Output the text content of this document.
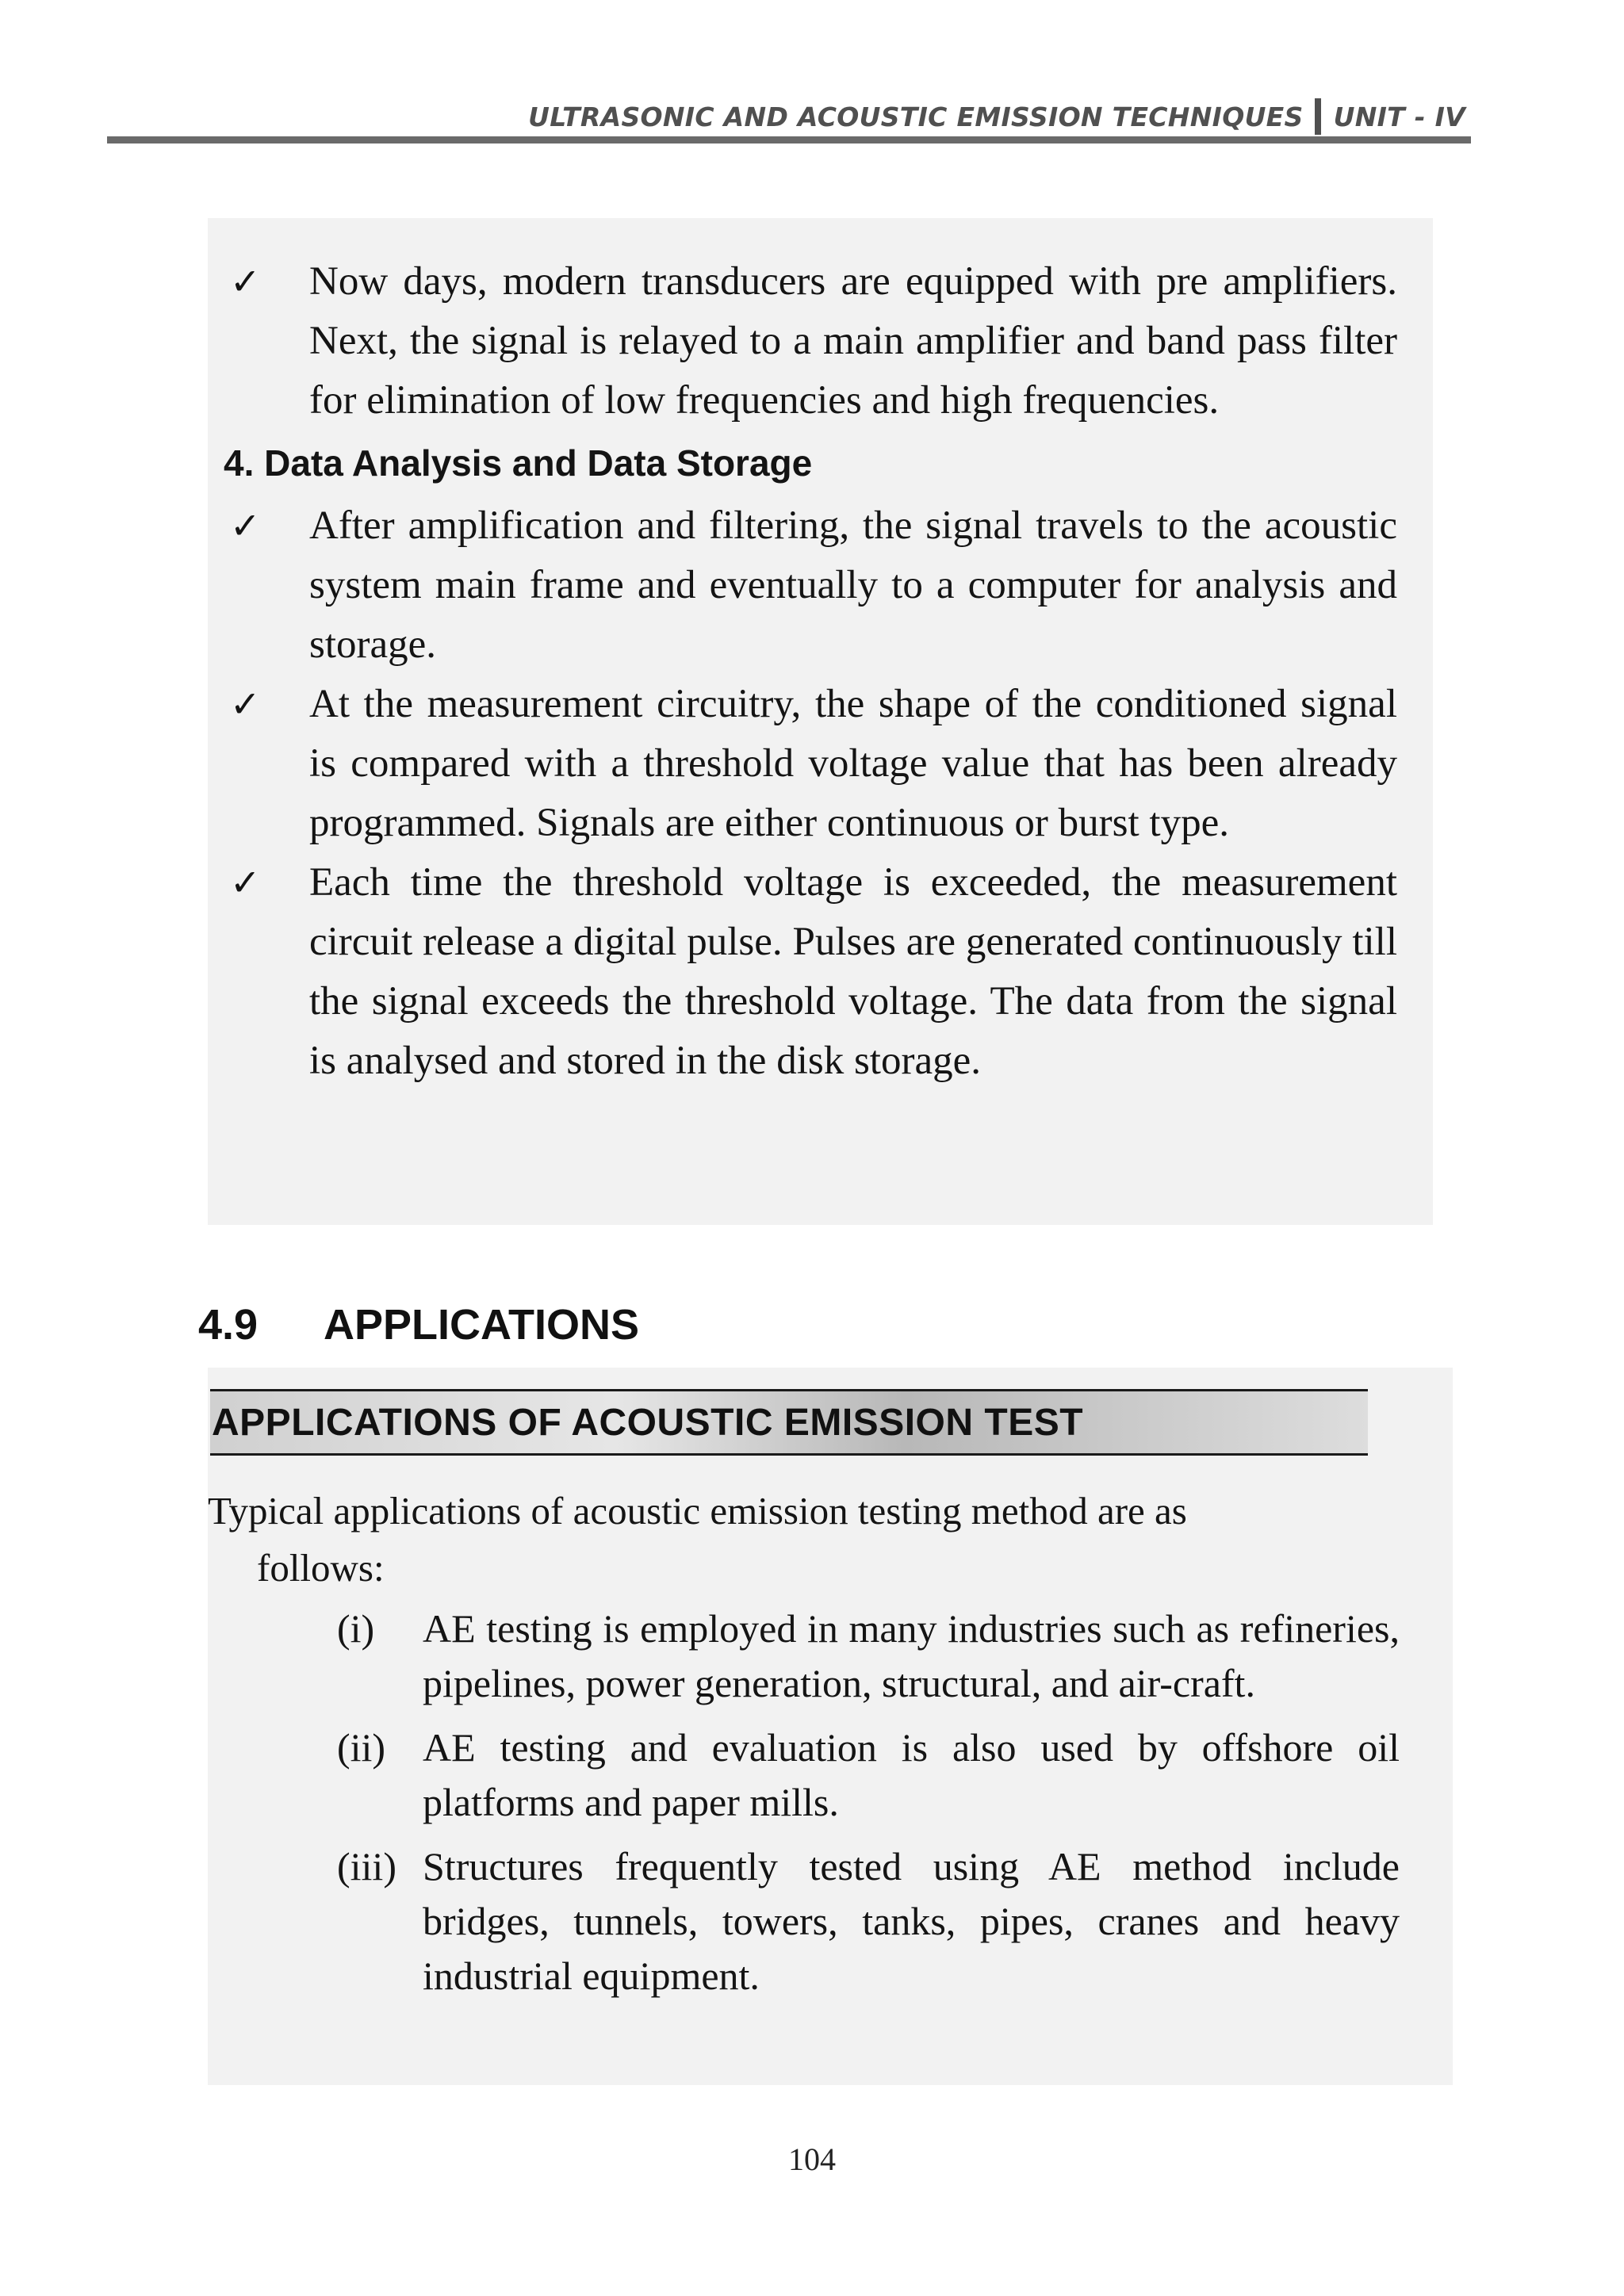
ULTRASONIC AND ACOUSTIC EMISSION TECHNIQUES UNIT - IV
✓ Now days, modern transducers are equipped with pre amplifiers. Next, the signal is relayed to a main amplifier and band pass filter for elimination of low frequencies and high frequencies.
4. Data Analysis and Data Storage
✓ After amplification and filtering, the signal travels to the acoustic system main frame and eventually to a computer for analysis and storage.
✓ At the measurement circuitry, the shape of the conditioned signal is compared with a threshold voltage value that has been already programmed. Signals are either continuous or burst type.
✓ Each time the threshold voltage is exceeded, the measurement circuit release a digital pulse. Pulses are generated continuously till the signal exceeds the threshold voltage. The data from the signal is analysed and stored in the disk storage.
4.9	APPLICATIONS
APPLICATIONS OF ACOUSTIC EMISSION TEST
Typical applications of acoustic emission testing method are as
follows:
(i) AE testing is employed in many industries such as refineries, pipelines, power generation, structural, and air-craft.
(ii) AE testing and evaluation is also used by offshore oil platforms and paper mills.
(iii) Structures frequently tested using AE method include bridges, tunnels, towers, tanks, pipes, cranes and heavy industrial equipment.
104
